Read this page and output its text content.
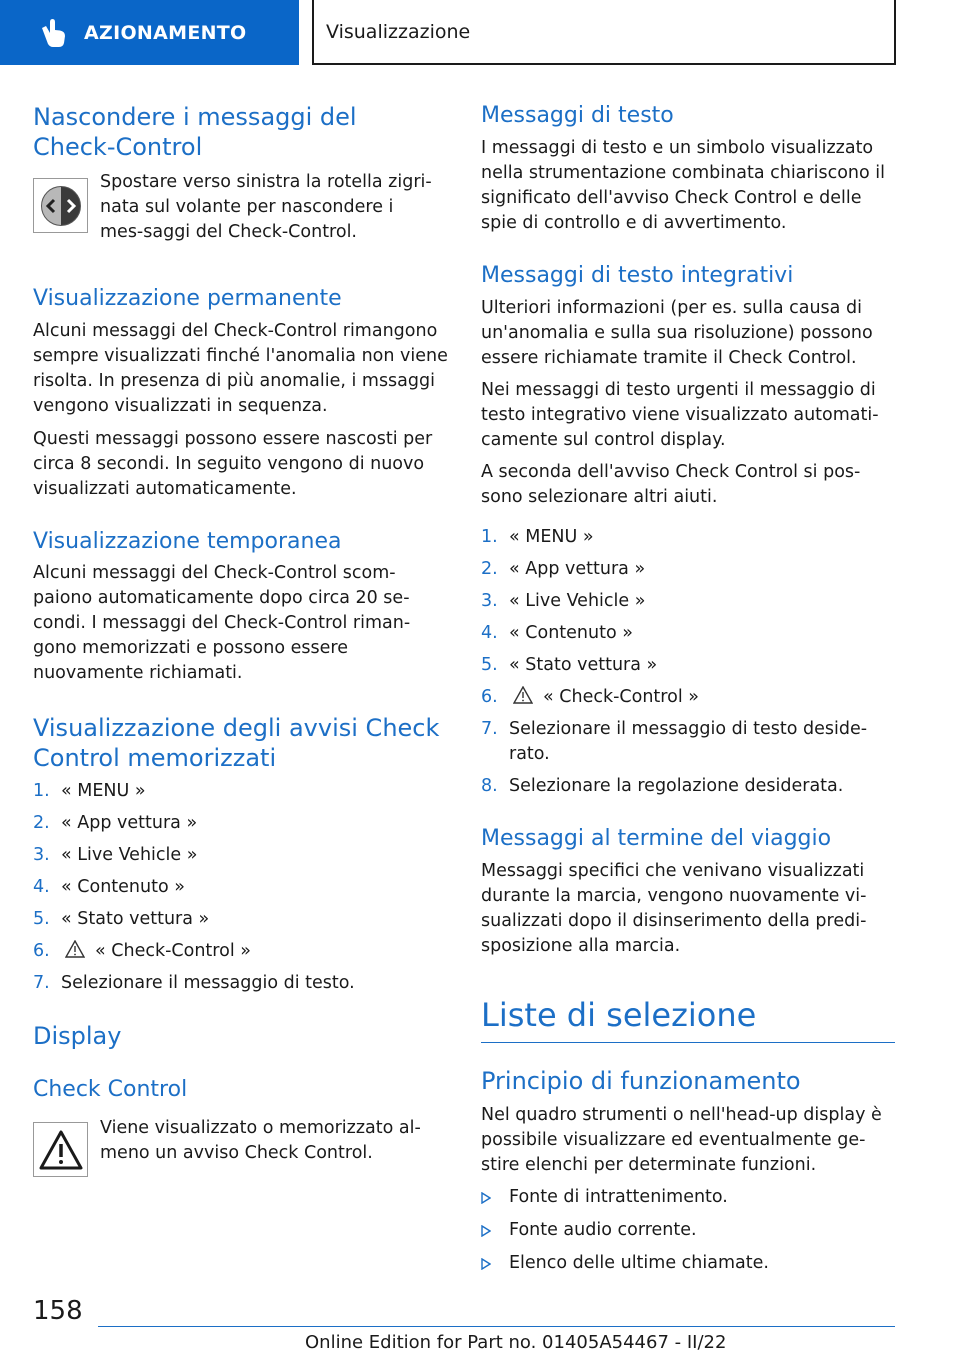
AZIONAMENTO	Visualizzazione
Nascondere i messaggi del Check-Control

Spostare verso sinistra la rotella zigri-nata sul volante per nascondere i mes-saggi del Check-Control.

Visualizzazione permanente

Alcuni messaggi del Check-Control rimangono sempre visualizzati finché l'anomalia non viene risolta. In presenza di più anomalie, i mssaggi vengono visualizzati in sequenza.

Questi messaggi possono essere nascosti per circa 8 secondi. In seguito vengono di nuovo visualizzati automaticamente.

Visualizzazione temporanea

Alcuni messaggi del Check-Control scom-paiono automaticamente dopo circa 20 se-condi. I messaggi del Check-Control riman-gono memorizzati e possono essere nuovamente richiamati.

Visualizzazione degli avvisi Check Control memorizzati
1. « MENU »
2. « App vettura »
3. « Live Vehicle »
4. « Contenuto »
5. « Stato vettura »
6.	« Check-Control »
7. Selezionare il messaggio di testo.
Display
Check Control

Viene visualizzato o memorizzato al-meno un avviso Check Control.

Messaggi di testo

I messaggi di testo e un simbolo visualizzato nella strumentazione combinata chiariscono il significato dell'avviso Check Control e delle spie di controllo e di avvertimento.

Messaggi di testo integrativi

Ulteriori informazioni (per es. sulla causa di un'anomalia e sulla sua risoluzione) possono essere richiamate tramite il Check Control.

Nei messaggi di testo urgenti il messaggio di testo integrativo viene visualizzato automati-camente sul control display.

A seconda dell'avviso Check Control si pos-sono selezionare altri aiuti.

1. « MENU »
2. « App vettura »
3. « Live Vehicle »
4. « Contenuto »
5. « Stato vettura »
6.	« Check-Control »
7. Selezionare il messaggio di testo deside-rato.
8. Selezionare la regolazione desiderata.
Messaggi al termine del viaggio

Messaggi specifici che venivano visualizzati durante la marcia, vengono nuovamente vi-sualizzati dopo il disinserimento della predi-sposizione alla marcia.

Liste di selezione
Principio di funzionamento

Nel quadro strumenti o nell'head-up display è possibile visualizzare ed eventualmente ge-stire elenchi per determinate funzioni.

Fonte di intrattenimento.
Fonte audio corrente.
Elenco delle ultime chiamate.
158
Online Edition for Part no. 01405A54467 - II/22
